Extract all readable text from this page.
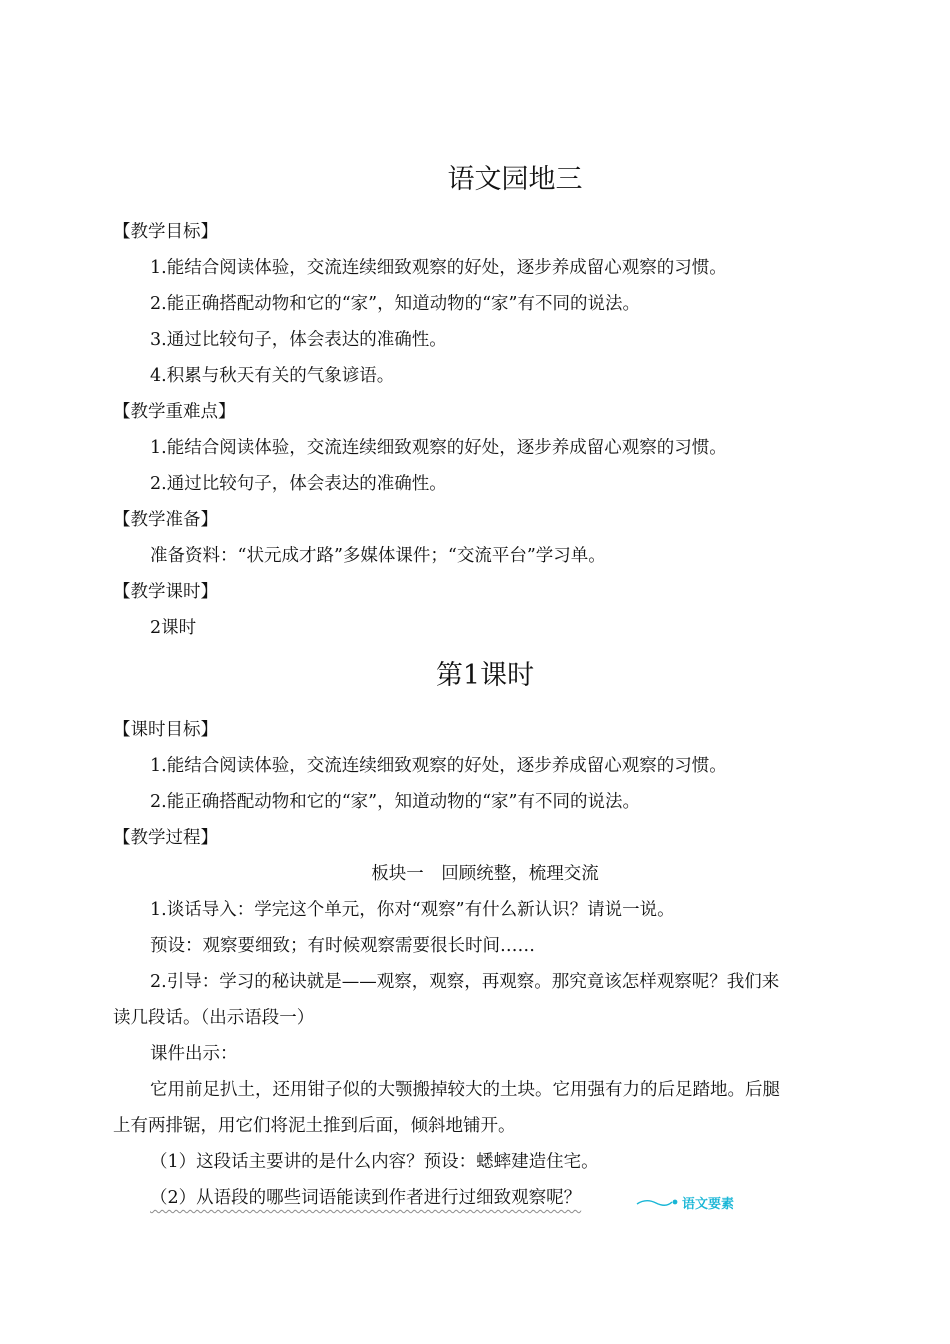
语文园地三
【教学目标】
1.能结合阅读体验，交流连续细致观察的好处，逐步养成留心观察的习惯。
2.能正确搭配动物和它的“家”，知道动物的“家”有不同的说法。
3.通过比较句子，体会表达的准确性。
4.积累与秋天有关的气象谚语。
【教学重难点】
1.能结合阅读体验，交流连续细致观察的好处，逐步养成留心观察的习惯。
2.通过比较句子，体会表达的准确性。
【教学准备】
准备资料：“状元成才路”多媒体课件；“交流平台”学习单。
【教学课时】
2课时
第1课时
【课时目标】
1.能结合阅读体验，交流连续细致观察的好处，逐步养成留心观察的习惯。
2.能正确搭配动物和它的“家”，知道动物的“家”有不同的说法。
【教学过程】
板块一　回顾统整，梳理交流
1.谈话导入：学完这个单元，你对“观察”有什么新认识？请说一说。
预设：观察要细致；有时候观察需要很长时间……
2.引导：学习的秘诀就是——观察，观察，再观察。那究竟该怎样观察呢？我们来
读几段话。（出示语段一）
课件出示：
它用前足扒土，还用钳子似的大颚搬掉较大的土块。它用强有力的后足踏地。后腿
上有两排锯，用它们将泥土推到后面，倾斜地铺开。
（1）这段话主要讲的是什么内容？预设：蟋蟀建造住宅。
（2）从语段的哪些词语能读到作者进行过细致观察呢？	语文要素
